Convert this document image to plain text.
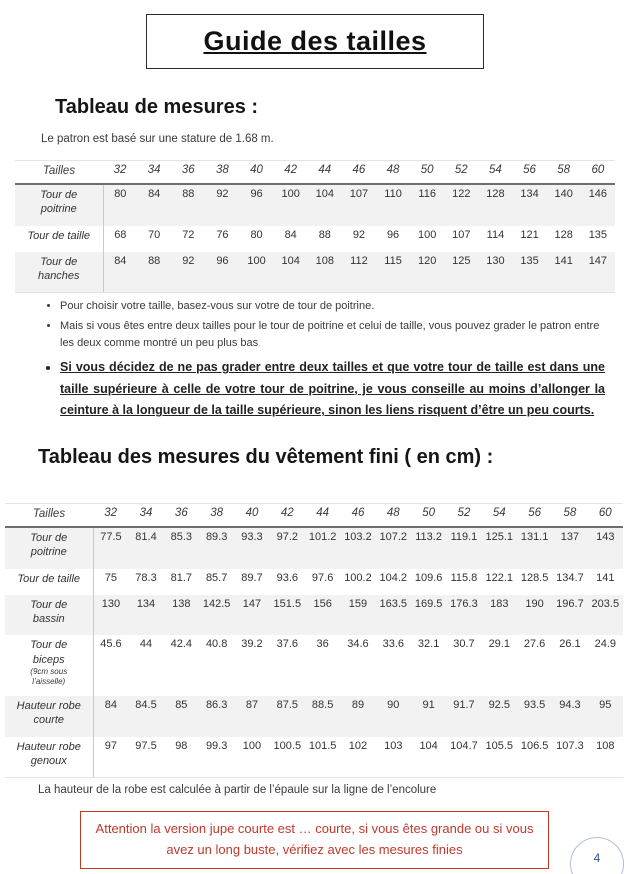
Guide des tailles
Tableau de mesures :
Le patron est basé sur une stature de 1.68 m.
Tailles	32	34	36	38	40	42	44	46	48	50	52	54	56	58	60
Tour de poitrine	80	84	88	92	96	100	104	107	110	116	122	128	134	140	146
Tour de taille	68	70	72	76	80	84	88	92	96	100	107	114	121	128	135
Tour de hanches	84	88	92	96	100	104	108	112	115	120	125	130	135	141	147
• Pour choisir votre taille, basez-vous sur votre de tour de poitrine.
• Mais si vous êtes entre deux tailles pour le tour de poitrine et celui de taille, vous pouvez grader le patron entre les deux comme montré un peu plus bas
• Si vous décidez de ne pas grader entre deux tailles et que votre tour de taille est dans une taille supérieure à celle de votre tour de poitrine, je vous conseille au moins d’allonger la ceinture à la longueur de la taille supérieure, sinon les liens risquent d’être un peu courts.
Tableau des mesures du vêtement fini ( en cm) :
Tailles	32	34	36	38	40	42	44	46	48	50	52	54	56	58	60
Tour de poitrine	77.5	81.4	85.3	89.3	93.3	97.2	101.2	103.2	107.2	113.2	119.1	125.1	131.1	137	143
Tour de taille	75	78.3	81.7	85.7	89.7	93.6	97.6	100.2	104.2	109.6	115.8	122.1	128.5	134.7	141
Tour de bassin	130	134	138	142.5	147	151.5	156	159	163.5	169.5	176.3	183	190	196.7	203.5
Tour de biceps
(9cm sous l’aisselle)	45.6	44	42.4	40.8	39.2	37.6	36	34.6	33.6	32.1	30.7	29.1	27.6	26.1	24.9
Hauteur robe courte	84	84.5	85	86.3	87	87.5	88.5	89	90	91	91.7	92.5	93.5	94.3	95
Hauteur robe genoux	97	97.5	98	99.3	100	100.5	101.5	102	103	104	104.7	105.5	106.5	107.3	108
La hauteur de la robe est calculée à partir de l’épaule sur la ligne de l’encolure
Attention la version jupe courte est … courte, si vous êtes grande ou si vous avez un long buste, vérifiez avec les mesures finies
4
